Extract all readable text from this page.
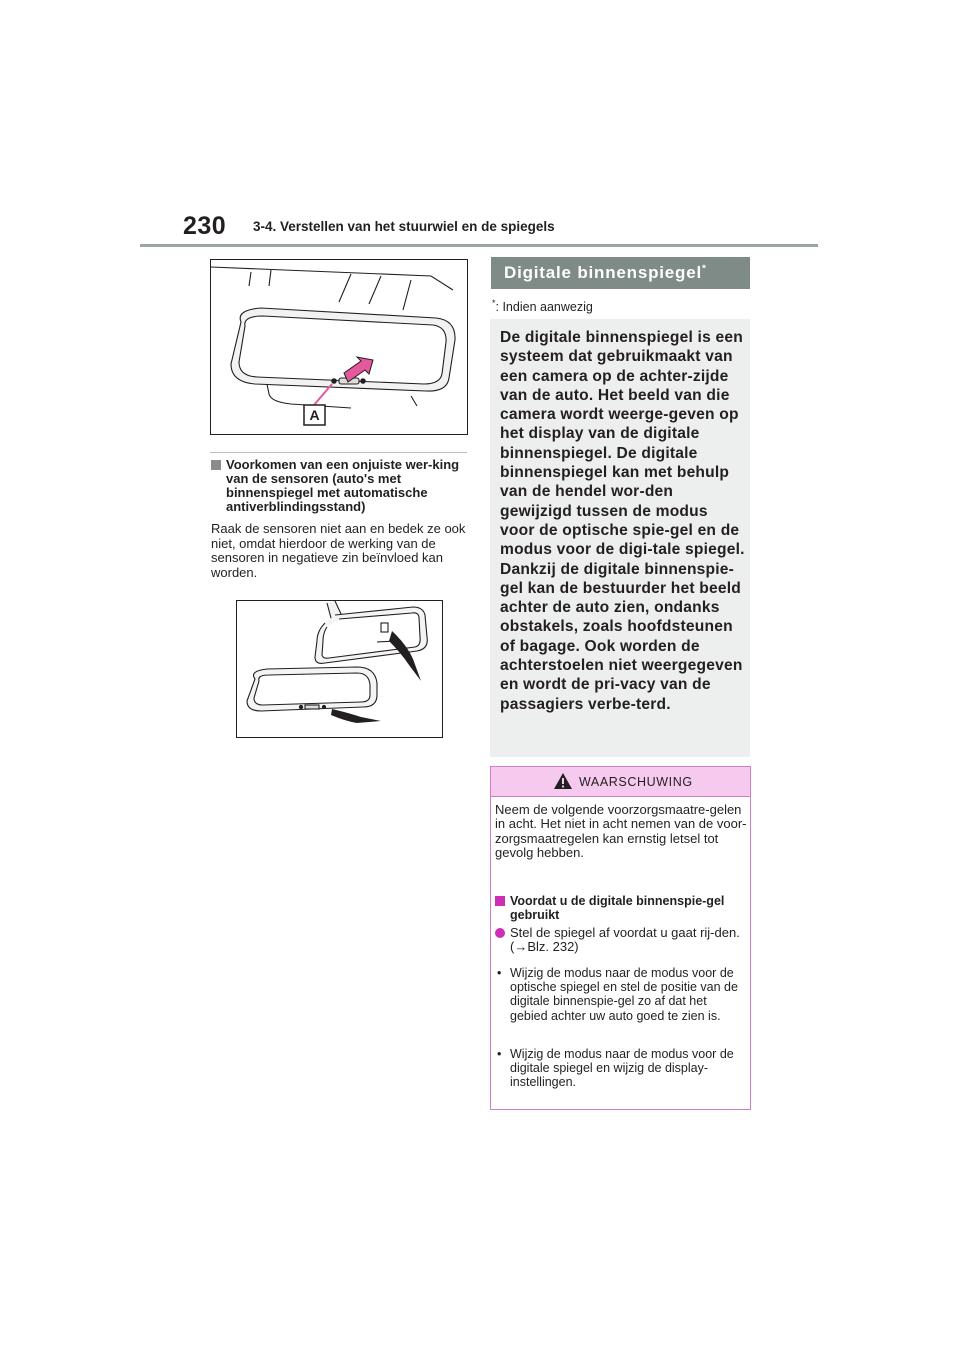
230 3-4. Verstellen van het stuurwiel en de spiegels
A
Voorkomen van een onjuiste wer-king van de sensoren (auto's met binnenspiegel met automatische antiverblindingsstand)
Raak de sensoren niet aan en bedek ze ook niet, omdat hierdoor de werking van de sensoren in negatieve zin beïnvloed kan worden.
Digitale binnenspiegel*
*: Indien aanwezig
De digitale binnenspiegel is een systeem dat gebruikmaakt van een camera op de achter-zijde van de auto. Het beeld van die camera wordt weerge-geven op het display van de digitale binnenspiegel. De digitale binnenspiegel kan met behulp van de hendel wor-den gewijzigd tussen de modus voor de optische spie-gel en de modus voor de digi-tale spiegel. Dankzij de digitale binnenspie-gel kan de bestuurder het beeld achter de auto zien, ondanks obstakels, zoals hoofdsteunen of bagage. Ook worden de achterstoelen niet weergegeven en wordt de pri-vacy van de passagiers verbe-terd.
WAARSCHUWING
Neem de volgende voorzorgsmaatre-gelen in acht. Het niet in acht nemen van de voor-zorgsmaatregelen kan ernstig letsel tot gevolg hebben.
Voordat u de digitale binnenspie-gel gebruikt
Stel de spiegel af voordat u gaat rij-den. (→Blz. 232)
• Wijzig de modus naar de modus voor de optische spiegel en stel de positie van de digitale binnenspie-gel zo af dat het gebied achter uw auto goed te zien is.
• Wijzig de modus naar de modus voor de digitale spiegel en wijzig de display-instellingen.
